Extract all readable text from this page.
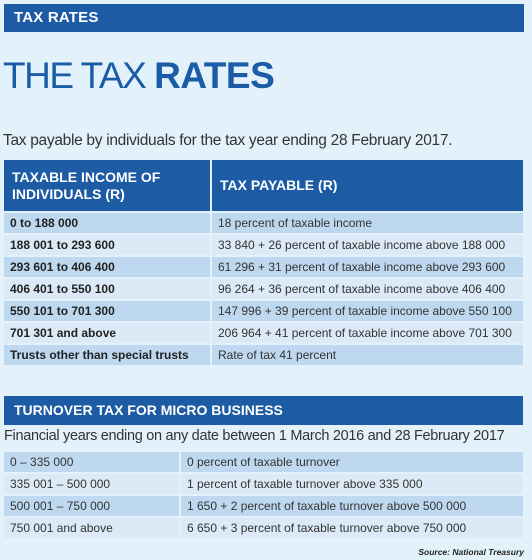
TAX RATES
THE TAX RATES
Tax payable by individuals for the tax year ending 28 February 2017.
TAXABLE INCOME OF INDIVIDUALS (R)	TAX PAYABLE (R)
0 to 188 000	18 percent of taxable income
188 001 to 293 600	33 840 + 26 percent of taxable income above 188 000
293 601 to 406 400	61 296 + 31 percent of taxable income above 293 600
406 401 to 550 100	96 264 + 36 percent of taxable income above 406 400
550 101 to 701 300	147 996 + 39 percent of taxable income above 550 100
701 301 and above	206 964 + 41 percent of taxable income above 701 300
Trusts other than special trusts	Rate of tax 41 percent
TURNOVER TAX FOR MICRO BUSINESS
Financial years ending on any date between 1 March 2016 and 28 February 2017
0 – 335 000	0 percent of taxable turnover
335 001 – 500 000	1 percent of taxable turnover above 335 000
500 001 – 750 000	1 650 + 2 percent of taxable turnover above 500 000
750 001 and above	6 650 + 3 percent of taxable turnover above 750 000
Source: National Treasury
